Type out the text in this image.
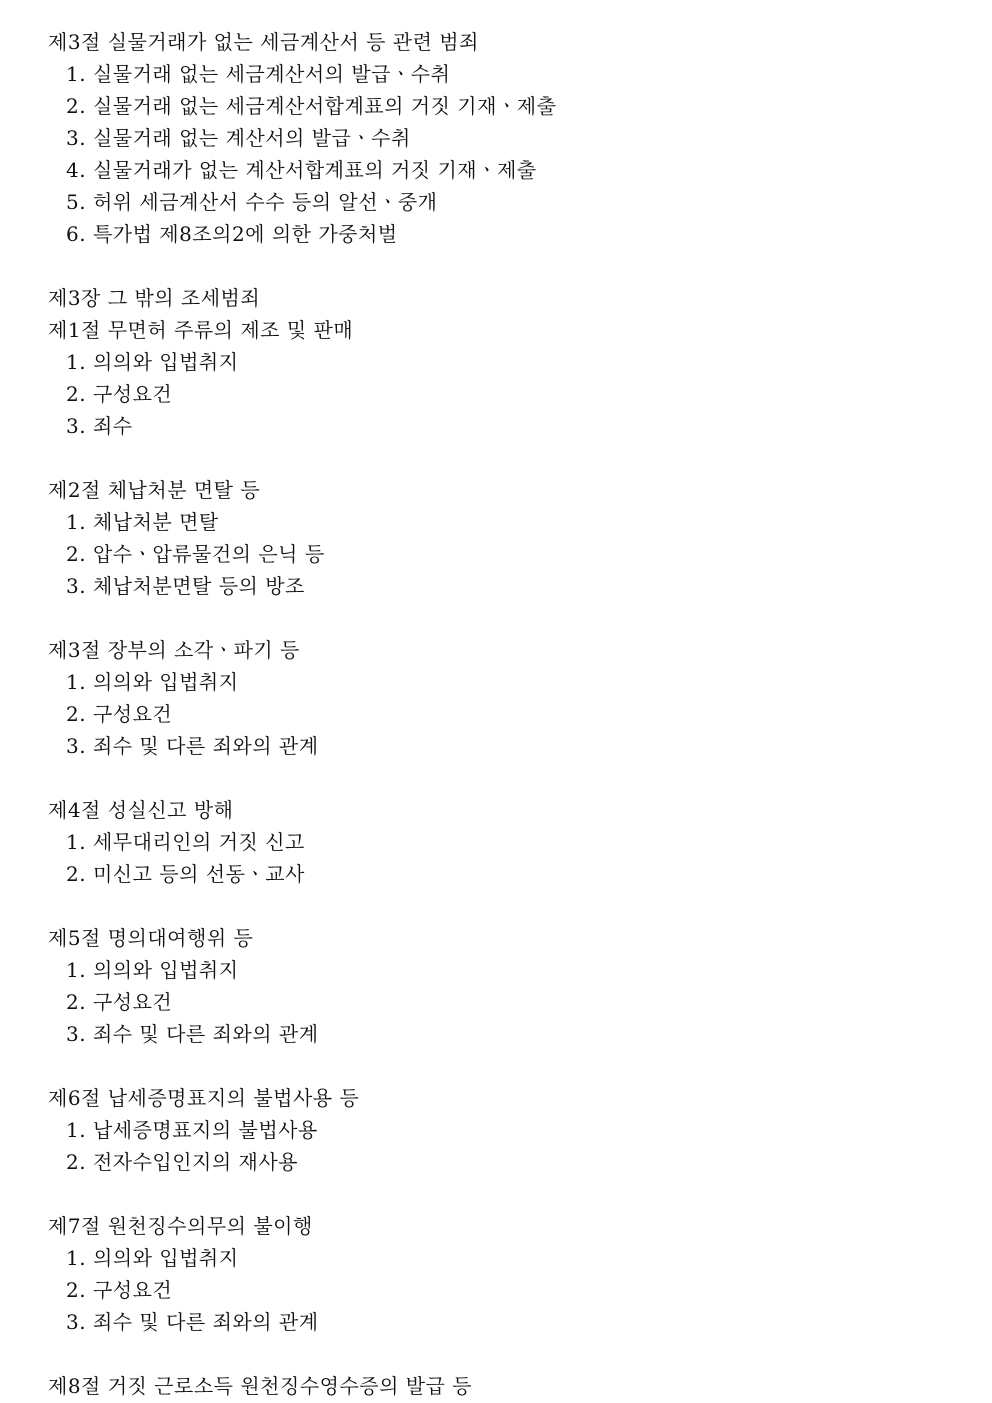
제3절 실물거래가 없는 세금계산서 등 관련 범죄
1. 실물거래 없는 세금계산서의 발급ㆍ수취
2. 실물거래 없는 세금계산서합계표의 거짓 기재ㆍ제출
3. 실물거래 없는 계산서의 발급ㆍ수취
4. 실물거래가 없는 계산서합계표의 거짓 기재ㆍ제출
5. 허위 세금계산서 수수 등의 알선ㆍ중개
6. 특가법 제8조의2에 의한 가중처벌
제3장 그 밖의 조세범죄
제1절 무면허 주류의 제조 및 판매
1. 의의와 입법취지
2. 구성요건
3. 죄수
제2절 체납처분 면탈 등
1. 체납처분 면탈
2. 압수ㆍ압류물건의 은닉 등
3. 체납처분면탈 등의 방조
제3절 장부의 소각ㆍ파기 등
1. 의의와 입법취지
2. 구성요건
3. 죄수 및 다른 죄와의 관계
제4절 성실신고 방해
1. 세무대리인의 거짓 신고
2. 미신고 등의 선동ㆍ교사
제5절 명의대여행위 등
1. 의의와 입법취지
2. 구성요건
3. 죄수 및 다른 죄와의 관계
제6절 납세증명표지의 불법사용 등
1. 납세증명표지의 불법사용
2. 전자수입인지의 재사용
제7절 원천징수의무의 불이행
1. 의의와 입법취지
2. 구성요건
3. 죄수 및 다른 죄와의 관계
제8절 거짓 근로소득 원천징수영수증의 발급 등
